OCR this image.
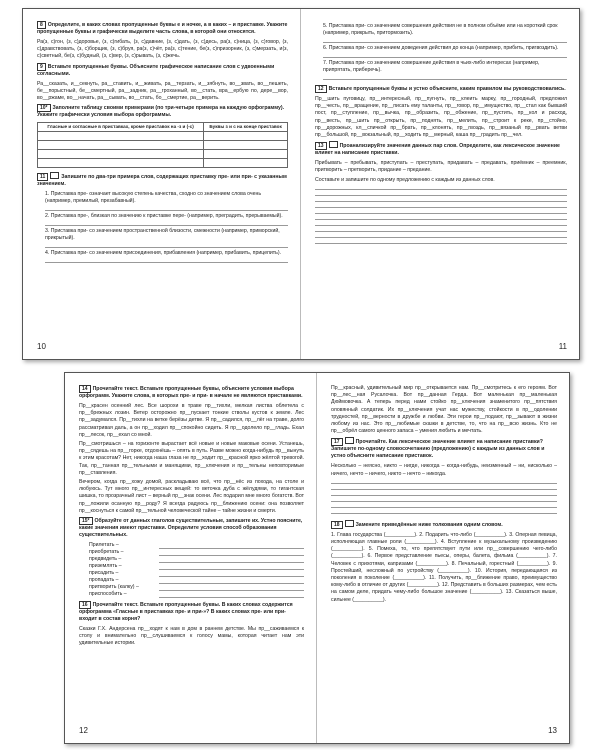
8 Определите, в каких словах пропущенные буквы е и ночке, а в каких – и приставке. Укажите пропущенные буквы и графически выделите часть слова, в которой они относятся.
Ра(з, с)гон, (з, с)доровье, (з, с)гибать, (з, с)давние, (з, с)дать, (з, с)десь, ра(з, с)ница, (з, с)говор, (з, с)дравствовать, (з, с)борщик, (з, с)бруя, ра(з, с)чёт, ра(з, с)тение, бе(з, с)призорник, (з, с)мерзать, и(з, с)светный, бе(з, с)будный, (з, с)вер, (з, с)рывать, (з, с)жечь.
9 Вставьте пропущенные буквы. Объясните графическое написание слов с удвоенными согласными.
Ра__сказать, и__секнуть, ра__ставить, и__живать, ра__терзать, и__зябнуть, во__звать, во__пешеть, бе__порыстный, бе__смертный, ра__задник, ра__гроханный, во__стать, вра__ербую по, дере__вор, во__ржаме, во__начать, ра__сывать, во__стать, бо__смертие, ра__верить.
10* Заполните таблицу своими примерами (по три-четыре примера на каждую орфограмму). Укажите графически условия выбора орфограммы.
Гласные и согласные в приставках, кроме приставок на -з и (-с)	Буквы з и с на конце приставок

11	Запишите по два-три примера слов, содержащих приставку пре- или при- с указанным значением.
1. Приставка пре- означает высокую степень качества, сходно со значением слова очень (например, премилый, презабавный).
2. Приставка пре-, близкая по значению к приставке пере- (например, преградить, прерываемый).
3. Приставка при- со значением пространственной близости, смежности (например, приморский, прикрытый).
4. Приставка при- со значением присоединения, прибавления (например, прибавить, прицепить).
10
5. Приставка при- со значением совершения действия не в полном объёме или на короткий срок (например, прикрыть, притормозить).
6. Приставка при- со значением доведения действия до конца (например, прибить, пригвоздить).
7. Приставка при- со значением совершение действия в чьих-либо интересах (например, припрятать, приберечь).
12 Вставьте пропущенные буквы и устно объясните, каким правилом вы руководствовались.
Пр__шить пуговицу, пр__интересный, пр__пугнуть, пр__клеить марку, пр__городный, предложил пр__честь, пр__вращение, пр__писать ему таланты, пр__говор, пр__имущество, пр__стал как бывший пост, пр__ступление, пр__вычка, пр__образить, пр__обжение, пр__пустить, пр__кол и расход, пр__весть, пр__шить пр__открыть, пр__поднять, пр__мелить, пр__строит к реке, пр__стойно, пр__дорожных, кл__спичкой пр__брать, пр__клонять, пр__гвоздь, пр__вязаный пр__рвать ветви пр__большой, пр__вокзальный, пр__ходить пр__мерный, каша пр__градить пр__чел.
13	Проанализируйте значения данных пар слов. Определите, как лексическое значение влияет на написание приставки.
Прибывать – пребывать, приступать – преступать, придавать – предавать, приёмник – преемник, притворить – претворить, придание – предание.
Составьте и запишите по одному предложению с каждым из данных слов.
11
14 Прочитайте текст. Вставьте пропущенные буквы, объясните условия выбора орфограмм. Укажите слова, в которых пре- и при- в начале не являются приставками.
Пр__красен осенний лес. Все шорохи в траве пр__тихли, мелкая листва облетела с пр__брежных лозин. Ветер осторожно пр__пускает тонкие стволы кустов к земле. Лес пр__задумался. Пр__тихли на ветке берёзы детве. Я пр__садился, пр__лёг на траве, долго рассматривая даль, а он пр__ходил пр__спокойно сидеть. Я пр__одолело пр__гладь. Ехал пр__лесок, пр__ехал со мной.
Пр__смотришься – на горизонте вырастает всё новые и новые маковые осени. Устанешь, пр__сядешь на пр__горке, отдохнёшь – опять в путь. Разве можно когда-нибудь пр__вынуть к этим красотам? Нет, никогда наша глаза не пр__ходит пр__красной ярко жёлтой тревогой. Так, пр__танная пр__тельными и манящими, пр__ключения и пр__тельны неповторимые пр__ставления.
Вечером, когда пр__хожу домой, раскладываю всё, что пр__нёс из похода, на столе и любуюсь. Тут много пр__интересных вещей: то веточка дуба с жёлудями, то гигантская шишка, то прозрачный лист – верный пр__знак осени. Лес подарил мне много богатств. Вот пр__ложили осанную пр__роду? Я всегда радуюсь пр__ближению осени: она позволяет пр__коснуться к самой пр__тельной человеческой тайне – тайне жизни и смерти.
15* Образуйте от данных глаголов существительные, запишите их. Устно поясните, какие значения имеют приставки. Определите условия способ образования существительных.
Прилетать –
приобретать –
предвидеть –
приземлять –
присадить –
пропадать –
притворить (калку) –
приспособить –
16 Прочитайте текст. Вставьте пропущенные буквы. В каких словах содержится орфограмма «Гласные в приставках пре- и при-»? В каких словах пре- или при- входит в состав корня?
Сказки Г.Х. Андерсена пр__ходят к нам в дом в раннем детстве. Мы пр__саживаемся к столу и внимательно пр__слушиваемся к голосу мамы, которая читает нам эти удивительные истории.
12
Пр__красный, удивительный мир пр__открывается нам. Пр__смотритесь к его героям. Вот пр__лес__ная Русалочка. Вот пр__данная Герда. Вот маленькая пр__маленькая Дюймовочка. А теперь перед нами стойко пр__ключения знаменитого пр__пятствия оловянный солдатик. Их пр__ключения учат нас мужеству, стойкости в пр__одолении трудностей, пр__верности в дружбе и любви. Эти герои пр__подают, пр__зывают в жизни любому из нас. Это пр__любимые сказки в детстве, то, что на пр__всю жизнь. Кто не пр__обрёл самого ценного запаса – умения любить и мечтать.
17	Прочитайте. Как лексическое значение влияет на написание приставки? Запишите по-одному словосочетанию (предложению) с каждым из данных слов и устно объясните написание приставок.
Несколько – неясно, никто – нигде, никогда – когда-нибудь, неизменный – ни, нисколько – ничего, нечто – ничего, никто – нечто – никогда.
18	Замените приведённые ниже толкования одним словом.
1. Глава государства (__________). 2. Подарить что-либо (__________). 3. Оперная певица, исполняющая главные роли (__________). 4. Вступление к музыкальному произведению (__________). 5. Помеха, то, что препятствует пути или пр__совершению чего-либо (__________). 6. Первое представление пьесы, оперы, балета, фильма (__________). 7. Человек с прихотями, капризами (__________). 8. Печальный, горестный (__________). 9. Простейший, несложный по устройству (__________). 10. История, передающаяся из поколения в поколение (__________). 11. Получить, пр__ближение право, преимущество кому-либо в отличие от других (__________). 12. Представить в больших размерах, чем есть на самом деле, придать чему-либо большое значение (__________). 13. Сказаться выше, сильнее (__________).
13
